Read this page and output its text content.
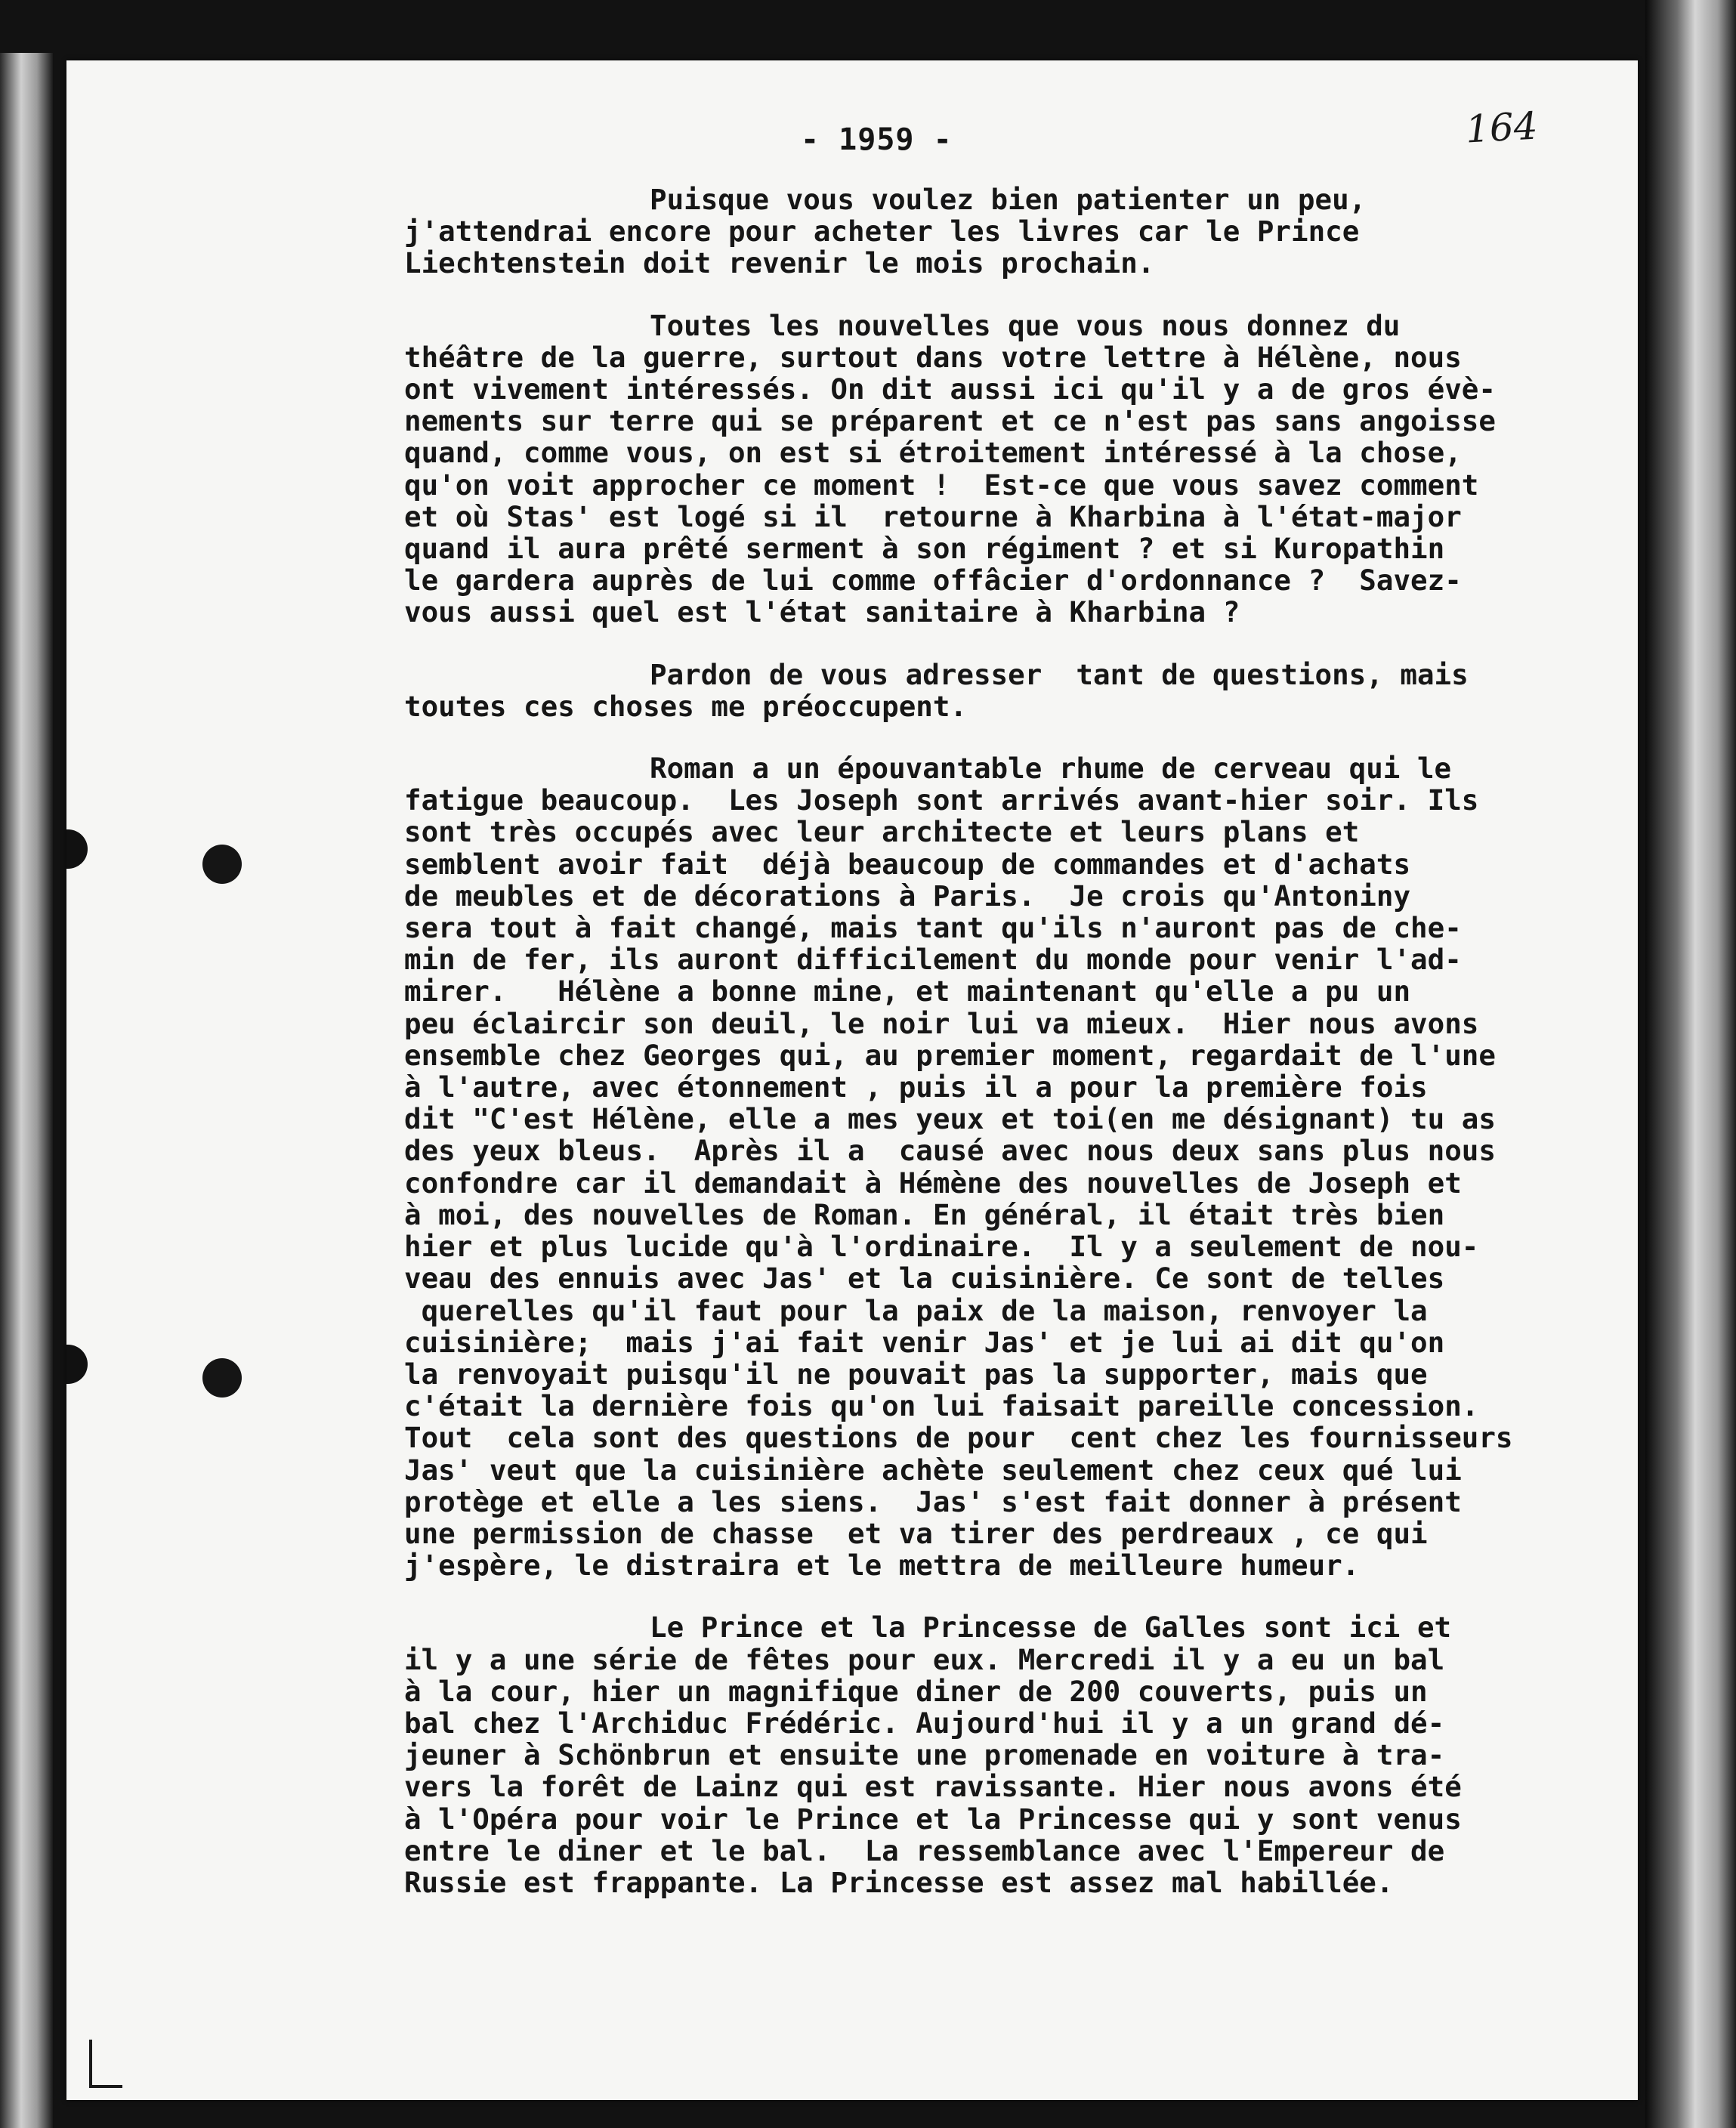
- 1959 -	164
Puisque vous voulez bien patienter un peu,
j'attendrai encore pour acheter les livres car le Prince
Liechtenstein doit revenir le mois prochain.
Toutes les nouvelles que vous nous donnez du
théâtre de la guerre, surtout dans votre lettre à Hélène, nous
ont vivement intéressés. On dit aussi ici qu'il y a de gros évè-
nements sur terre qui se préparent et ce n'est pas sans angoisse
quand, comme vous, on est si étroitement intéressé à la chose,
qu'on voit approcher ce moment !  Est-ce que vous savez comment
et où Stas' est logé si il  retourne à Kharbina à l'état-major
quand il aura prêté serment à son régiment ? et si Kuropathin
le gardera auprès de lui comme offâcier d'ordonnance ?  Savez-
vous aussi quel est l'état sanitaire à Kharbina ?
Pardon de vous adresser  tant de questions, mais
toutes ces choses me préoccupent.
Roman a un épouvantable rhume de cerveau qui le
fatigue beaucoup.  Les Joseph sont arrivés avant-hier soir. Ils
sont très occupés avec leur architecte et leurs plans et
semblent avoir fait  déjà beaucoup de commandes et d'achats
de meubles et de décorations à Paris.  Je crois qu'Antoniny
sera tout à fait changé, mais tant qu'ils n'auront pas de che-
min de fer, ils auront difficilement du monde pour venir l'ad-
mirer.   Hélène a bonne mine, et maintenant qu'elle a pu un
peu éclaircir son deuil, le noir lui va mieux.  Hier nous avons
ensemble chez Georges qui, au premier moment, regardait de l'une
à l'autre, avec étonnement , puis il a pour la première fois
dit "C'est Hélène, elle a mes yeux et toi(en me désignant) tu as
des yeux bleus.  Après il a  causé avec nous deux sans plus nous
confondre car il demandait à Hémène des nouvelles de Joseph et
à moi, des nouvelles de Roman. En général, il était très bien
hier et plus lucide qu'à l'ordinaire.  Il y a seulement de nou-
veau des ennuis avec Jas' et la cuisinière. Ce sont de telles
querelles qu'il faut pour la paix de la maison, renvoyer la
cuisinière;  mais j'ai fait venir Jas' et je lui ai dit qu'on
la renvoyait puisqu'il ne pouvait pas la supporter, mais que
c'était la dernière fois qu'on lui faisait pareille concession.
Tout  cela sont des questions de pour  cent chez les fournisseurs
Jas' veut que la cuisinière achète seulement chez ceux qué lui
protège et elle a les siens.  Jas' s'est fait donner à présent
une permission de chasse  et va tirer des perdreaux , ce qui
j'espère, le distraira et le mettra de meilleure humeur.
Le Prince et la Princesse de Galles sont ici et
il y a une série de fêtes pour eux. Mercredi il y a eu un bal
à la cour, hier un magnifique diner de 200 couverts, puis un
bal chez l'Archiduc Frédéric. Aujourd'hui il y a un grand dé-
jeuner à Schönbrun et ensuite une promenade en voiture à tra-
vers la forêt de Lainz qui est ravissante. Hier nous avons été
à l'Opéra pour voir le Prince et la Princesse qui y sont venus
entre le diner et le bal.  La ressemblance avec l'Empereur de
Russie est frappante. La Princesse est assez mal habillée.
